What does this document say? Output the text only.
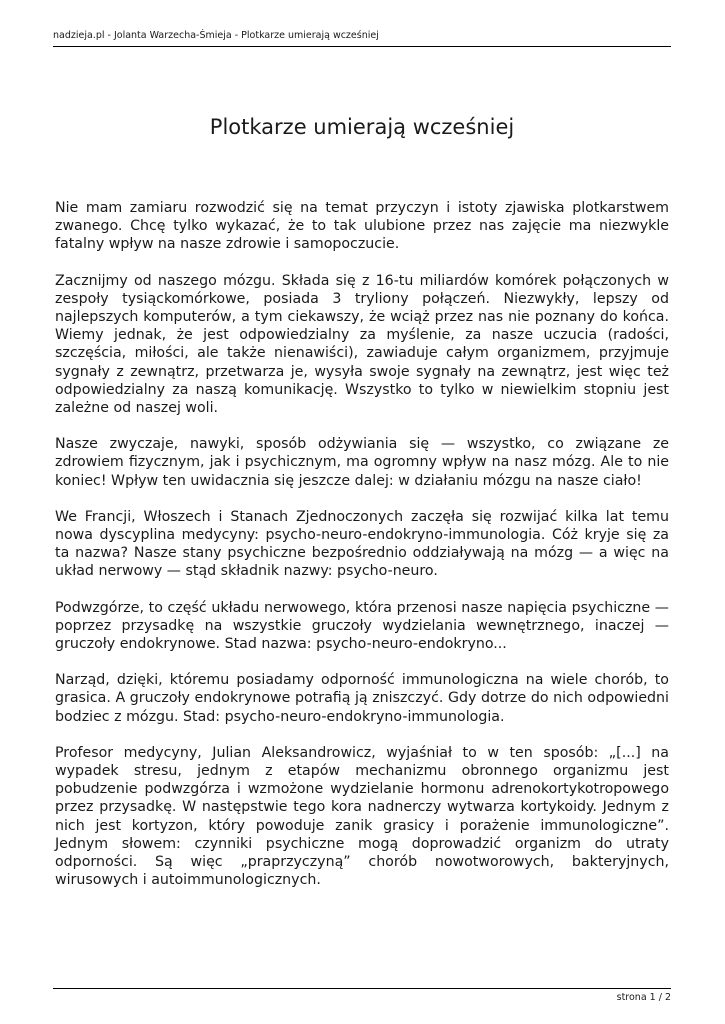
nadzieja.pl - Jolanta Warzecha-Śmieja - Plotkarze umierają wcześniej
Plotkarze umierają wcześniej

Nie mam zamiaru rozwodzić się na temat przyczyn i istoty zjawiska plotkarstwem zwanego. Chcę tylko wykazać, że to tak ulubione przez nas zajęcie ma niezwykle fatalny wpływ na nasze zdrowie i samopoczucie.

Zacznijmy od naszego mózgu. Składa się z 16-tu miliardów komórek połączonych w zespoły tysiąckomórkowe, posiada 3 tryliony połączeń. Niezwykły, lepszy od najlepszych komputerów, a tym ciekawszy, że wciąż przez nas nie poznany do końca. Wiemy jednak, że jest odpowiedzialny za myślenie, za nasze uczucia (radości, szczęścia, miłości, ale także nienawiści), zawiaduje całym organizmem, przyjmuje sygnały z zewnątrz, przetwarza je, wysyła swoje sygnały na zewnątrz, jest więc też odpowiedzialny za naszą komunikację. Wszystko to tylko w niewielkim stopniu jest zależne od naszej woli.

Nasze zwyczaje, nawyki, sposób odżywiania się — wszystko, co związane ze zdrowiem fizycznym, jak i psychicznym, ma ogromny wpływ na nasz mózg. Ale to nie koniec! Wpływ ten uwidacznia się jeszcze dalej: w działaniu mózgu na nasze ciało!

We Francji, Włoszech i Stanach Zjednoczonych zaczęła się rozwijać kilka lat temu nowa dyscyplina medycyny: psycho-neuro-endokryno-immunologia. Cóż kryje się za ta nazwa? Nasze stany psychiczne bezpośrednio oddziaływają na mózg — a więc na układ nerwowy — stąd składnik nazwy: psycho-neuro.

Podwzgórze, to część układu nerwowego, która przenosi nasze napięcia psychiczne — poprzez przysadkę na wszystkie gruczoły wydzielania wewnętrznego, inaczej — gruczoły endokrynowe. Stad nazwa: psycho-neuro-endokryno...

Narząd, dzięki, któremu posiadamy odporność immunologiczna na wiele chorób, to grasica. A gruczoły endokrynowe potrafią ją zniszczyć. Gdy dotrze do nich odpowiedni bodziec z mózgu. Stad: psycho-neuro-endokryno-immunologia.

Profesor medycyny, Julian Aleksandrowicz, wyjaśniał to w ten sposób: „[...] na wypadek stresu, jednym z etapów mechanizmu obronnego organizmu jest pobudzenie podwzgórza i wzmożone wydzielanie hormonu adrenokortykotropowego przez przysadkę. W następstwie tego kora nadnerczy wytwarza kortykoidy. Jednym z nich jest kortyzon, który powoduje zanik grasicy i porażenie immunologiczne”. Jednym słowem: czynniki psychiczne mogą doprowadzić organizm do utraty odporności. Są więc „praprzyczyną” chorób nowotworowych, bakteryjnych, wirusowych i autoimmunologicznych.

strona 1 / 2
